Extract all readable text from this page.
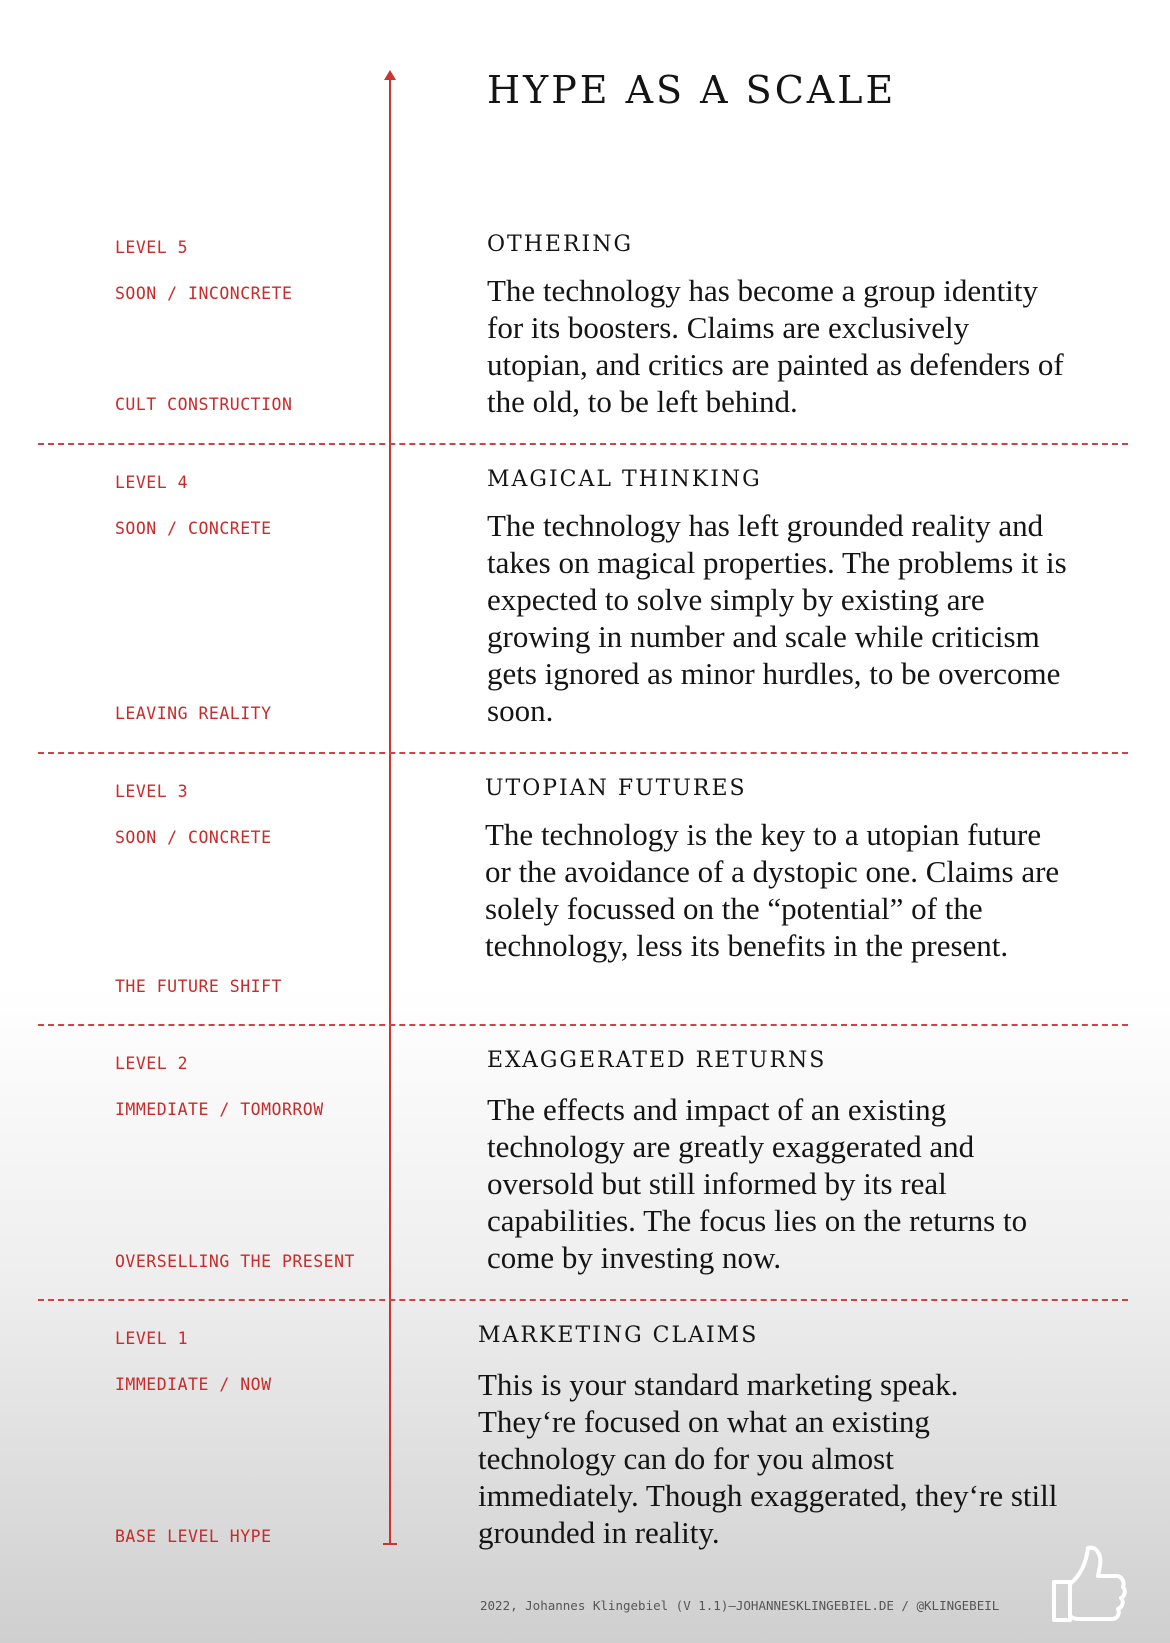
HYPE AS A SCALE
LEVEL 5
SOON / INCONCRETE
CULT CONSTRUCTION
OTHERING

The technology has become a group identity for its boosters. Claims are exclusively utopian, and critics are painted as defenders of the old, to be left behind.

LEVEL 4
SOON / CONCRETE
LEAVING REALITY
MAGICAL THINKING

The technology has left grounded reality and takes on magical properties. The problems it is expected to solve simply by existing are growing in number and scale while criticism gets ignored as minor hurdles, to be overcome soon.

LEVEL 3
SOON / CONCRETE
THE FUTURE SHIFT
UTOPIAN FUTURES

The technology is the key to a utopian future or the avoidance of a dystopic one. Claims are solely focussed on the “potential” of the technology, less its benefits in the present.

LEVEL 2
IMMEDIATE / TOMORROW
OVERSELLING THE PRESENT
EXAGGERATED RETURNS

The effects and impact of an existing technology are greatly exaggerated and oversold but still informed by its real capabilities. The focus lies on the returns to come by investing now.

LEVEL 1
IMMEDIATE / NOW
BASE LEVEL HYPE
MARKETING CLAIMS

This is your standard marketing speak. They‘re focused on what an existing technology can do for you almost immediately. Though exaggerated, they‘re still grounded in reality.

2022, Johannes Klingebiel (V 1.1)—JOHANNESKLINGEBIEL.DE / @KLINGEBEIL
